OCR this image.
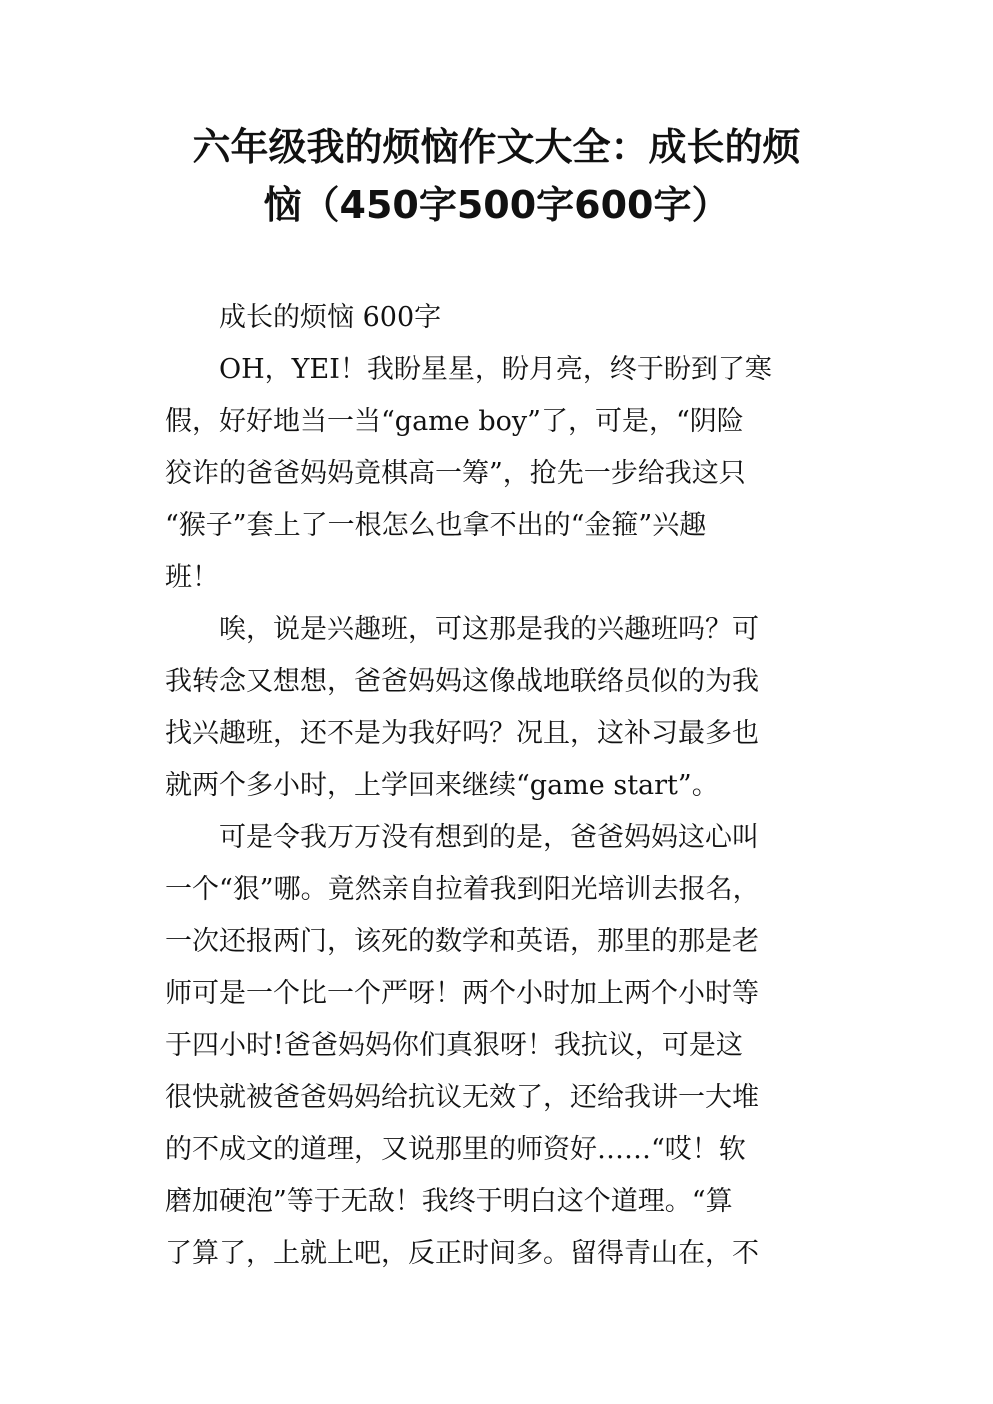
六年级我的烦恼作文大全：成长的烦
恼（450字500字600字）
　　成长的烦恼 600字
　　OH，YEI！我盼星星，盼月亮，终于盼到了寒
假，好好地当一当“game boy”了，可是，“阴险
狡诈的爸爸妈妈竟棋高一筹”，抢先一步给我这只
“猴子”套上了一根怎么也拿不出的“金箍”兴趣
班！
　　唉，说是兴趣班，可这那是我的兴趣班吗？可
我转念又想想，爸爸妈妈这像战地联络员似的为我
找兴趣班，还不是为我好吗？况且，这补习最多也
就两个多小时，上学回来继续“game start”。
　　可是令我万万没有想到的是，爸爸妈妈这心叫
一个“狠”哪。竟然亲自拉着我到阳光培训去报名，
一次还报两门，该死的数学和英语，那里的那是老
师可是一个比一个严呀！两个小时加上两个小时等
于四小时!爸爸妈妈你们真狠呀！我抗议，可是这
很快就被爸爸妈妈给抗议无效了，还给我讲一大堆
的不成文的道理，又说那里的师资好……“哎！软
磨加硬泡”等于无敌！我终于明白这个道理。“算
了算了，上就上吧，反正时间多。留得青山在，不
